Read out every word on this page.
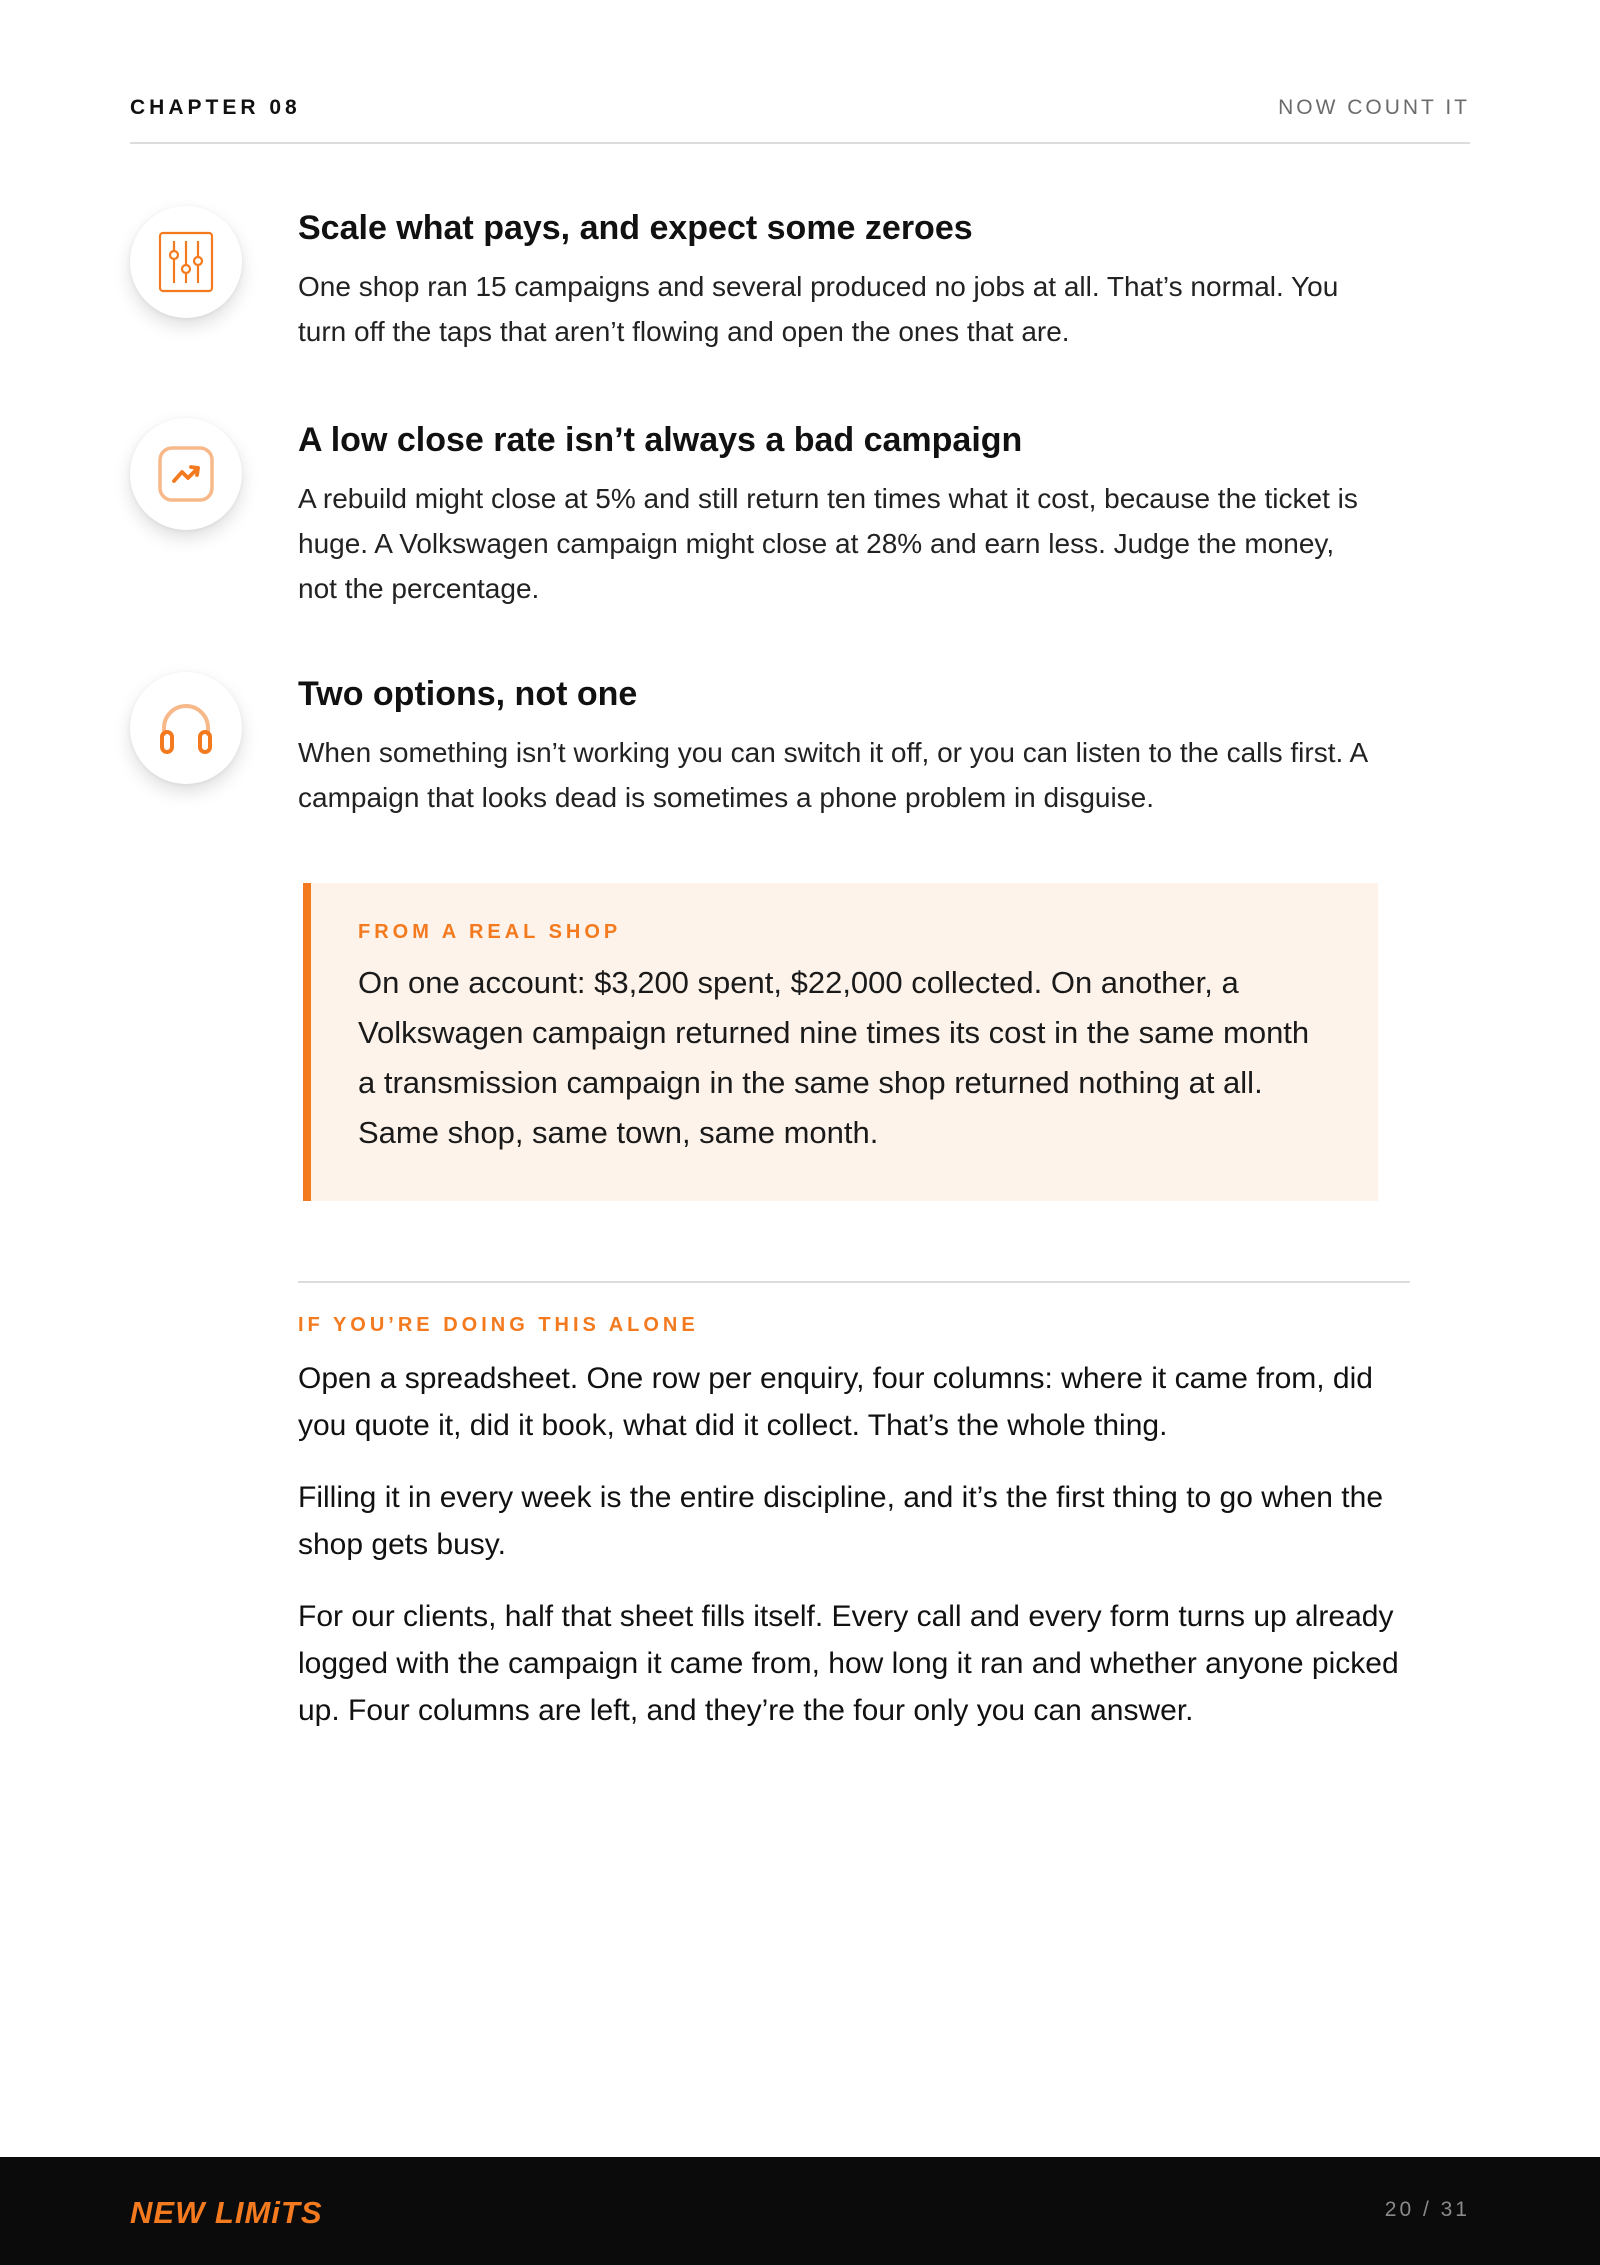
CHAPTER 08	NOW COUNT IT
Scale what pays, and expect some zeroes

One shop ran 15 campaigns and several produced no jobs at all. That’s normal. You turn off the taps that aren’t flowing and open the ones that are.

A low close rate isn’t always a bad campaign

A rebuild might close at 5% and still return ten times what it cost, because the ticket is huge. A Volkswagen campaign might close at 28% and earn less. Judge the money, not the percentage.

Two options, not one

When something isn’t working you can switch it off, or you can listen to the calls first. A campaign that looks dead is sometimes a phone problem in disguise.

FROM A REAL SHOP
On one account: $3,200 spent, $22,000 collected. On another, a Volkswagen campaign returned nine times its cost in the same month a transmission campaign in the same shop returned nothing at all. Same shop, same town, same month.
IF YOU’RE DOING THIS ALONE

Open a spreadsheet. One row per enquiry, four columns: where it came from, did you quote it, did it book, what did it collect. That’s the whole thing.

Filling it in every week is the entire discipline, and it’s the first thing to go when the shop gets busy.

For our clients, half that sheet fills itself. Every call and every form turns up already logged with the campaign it came from, how long it ran and whether anyone picked up. Four columns are left, and they’re the four only you can answer.

NEW LIMiTS	20 / 31
